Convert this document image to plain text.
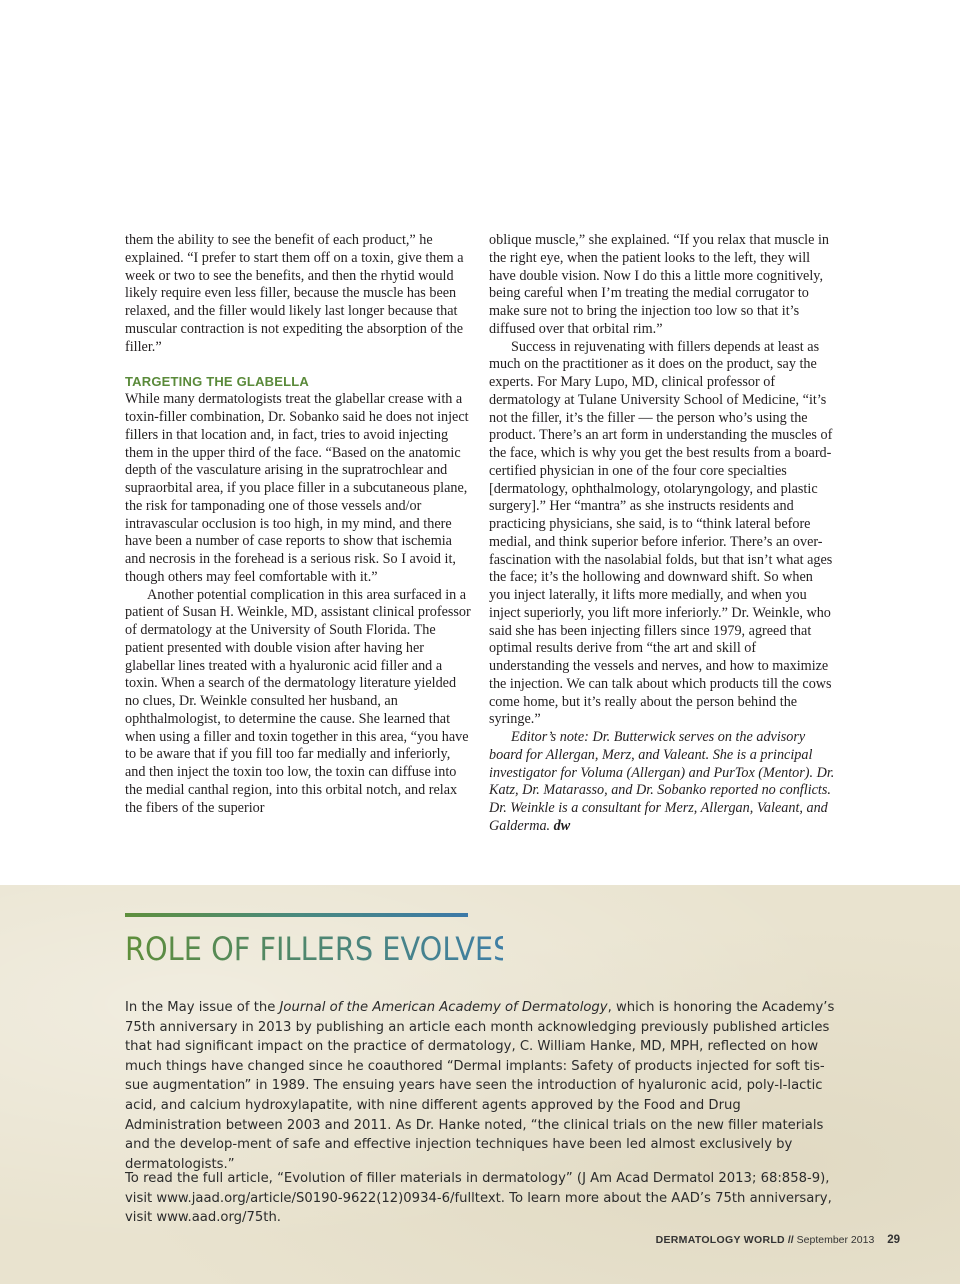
them the ability to see the benefit of each product,” he explained. “I prefer to start them off on a toxin, give them a week or two to see the benefits, and then the rhytid would likely require even less filler, because the muscle has been relaxed, and the filler would likely last longer because that muscular contraction is not expediting the absorption of the filler.”

TARGETING THE GLABELLA

While many dermatologists treat the glabellar crease with a toxin-filler combination, Dr. Sobanko said he does not inject fillers in that location and, in fact, tries to avoid injecting them in the upper third of the face. “Based on the anatomic depth of the vasculature arising in the supratrochlear and supraorbital area, if you place filler in a subcutaneous plane, the risk for tamponading one of those vessels and/or intravascular occlusion is too high, in my mind, and there have been a number of case reports to show that ischemia and necrosis in the forehead is a serious risk. So I avoid it, though others may feel comfortable with it.”

Another potential complication in this area surfaced in a patient of Susan H. Weinkle, MD, assistant clinical professor of dermatology at the University of South Florida. The patient presented with double vision after having her glabellar lines treated with a hyaluronic acid filler and a toxin. When a search of the dermatology literature yielded no clues, Dr. Weinkle consulted her husband, an ophthalmologist, to determine the cause. She learned that when using a filler and toxin together in this area, “you have to be aware that if you fill too far medially and inferiorly, and then inject the toxin too low, the toxin can diffuse into the medial canthal region, into this orbital notch, and relax the fibers of the superior

oblique muscle,” she explained. “If you relax that muscle in the right eye, when the patient looks to the left, they will have double vision. Now I do this a little more cognitively, being careful when I’m treating the medial corrugator to make sure not to bring the injection too low so that it’s diffused over that orbital rim.”

Success in rejuvenating with fillers depends at least as much on the practitioner as it does on the product, say the experts. For Mary Lupo, MD, clinical professor of dermatology at Tulane University School of Medicine, “it’s not the filler, it’s the filler — the person who’s using the product. There’s an art form in understanding the muscles of the face, which is why you get the best results from a board-certified physician in one of the four core specialties [dermatology, ophthalmology, otolaryngology, and plastic surgery].” Her “mantra” as she instructs residents and practicing physicians, she said, is to “think lateral before medial, and think superior before inferior. There’s an over-fascination with the nasolabial folds, but that isn’t what ages the face; it’s the hollowing and downward shift. So when you inject laterally, it lifts more medially, and when you inject superiorly, you lift more inferiorly.” Dr. Weinkle, who said she has been injecting fillers since 1979, agreed that optimal results derive from “the art and skill of understanding the vessels and nerves, and how to maximize the injection. We can talk about which products till the cows come home, but it’s really about the person behind the syringe.”

Editor’s note: Dr. Butterwick serves on the advisory board for Allergan, Merz, and Valeant. She is a principal investigator for Voluma (Allergan) and PurTox (Mentor). Dr. Katz, Dr. Matarasso, and Dr. Sobanko reported no conflicts. Dr. Weinkle is a consultant for Merz, Allergan, Valeant, and Galderma. dw

ROLE OF FILLERS EVOLVES
In the May issue of the Journal of the American Academy of Dermatology, which is honoring the Academy’s 75th anniversary in 2013 by publishing an article each month acknowledging previously published articles that had significant impact on the practice of dermatology, C. William Hanke, MD, MPH, reflected on how much things have changed since he coauthored “Dermal implants: Safety of products injected for soft tis-sue augmentation” in 1989. The ensuing years have seen the introduction of hyaluronic acid, poly-l-lactic acid, and calcium hydroxylapatite, with nine different agents approved by the Food and Drug Administration between 2003 and 2011. As Dr. Hanke noted, “the clinical trials on the new filler materials and the develop-ment of safe and effective injection techniques have been led almost exclusively by dermatologists.”
To read the full article, “Evolution of filler materials in dermatology” (J Am Acad Dermatol 2013; 68:858-9), visit www.jaad.org/article/S0190-9622(12)0934-6/fulltext. To learn more about the AAD’s 75th anniversary, visit www.aad.org/75th.
DERMATOLOGY WORLD // September 2013 29
